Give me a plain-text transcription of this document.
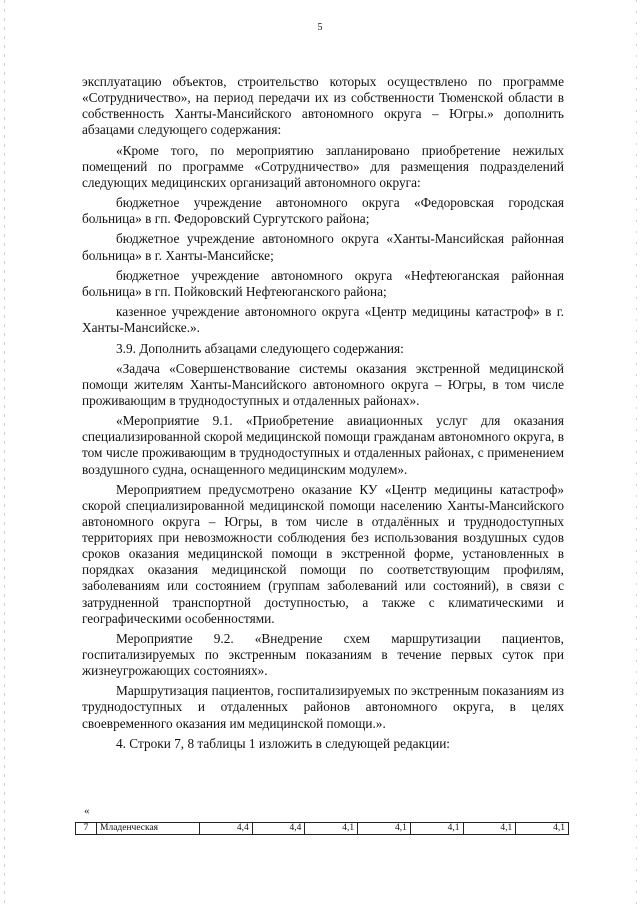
5

эксплуатацию объектов, строительство которых осуществлено по программе «Сотрудничество», на период передачи их из собственности Тюменской области в собственность Ханты-Мансийского автономного округа – Югры.» дополнить абзацами следующего содержания:

«Кроме того, по мероприятию запланировано приобретение нежилых помещений по программе «Сотрудничество» для размещения подразделений следующих медицинских организаций автономного округа:

бюджетное учреждение автономного округа «Федоровская городская больница» в гп. Федоровский Сургутского района;

бюджетное учреждение автономного округа «Ханты-Мансийская районная больница» в г. Ханты-Мансийске;

бюджетное учреждение автономного округа «Нефтеюганская районная больница» в гп. Пойковский Нефтеюганского района;

казенное учреждение автономного округа «Центр медицины катастроф» в г. Ханты-Мансийске.».

3.9. Дополнить абзацами следующего содержания:

«Задача «Совершенствование системы оказания экстренной медицинской помощи жителям Ханты-Мансийского автономного округа – Югры, в том числе проживающим в труднодоступных и отдаленных районах».

«Мероприятие 9.1. «Приобретение авиационных услуг для оказания специализированной скорой медицинской помощи гражданам автономного округа, в том числе проживающим в труднодоступных и отдаленных районах, с применением воздушного судна, оснащенного медицинским модулем».

Мероприятием предусмотрено оказание КУ «Центр медицины катастроф» скорой специализированной медицинской помощи населению Ханты-Мансийского автономного округа – Югры, в том числе в отдалённых и труднодоступных территориях при невозможности соблюдения без использования воздушных судов сроков оказания медицинской помощи в экстренной форме, установленных в порядках оказания медицинской помощи по соответствующим профилям, заболеваниям или состоянием (группам заболеваний или состояний), в связи с затрудненной транспортной доступностью, а также с климатическими и географическими особенностями.

Мероприятие 9.2. «Внедрение схем маршрутизации пациентов, госпитализируемых по экстренным показаниям в течение первых суток при жизнеугрожающих состояниях».

Маршрутизация пациентов, госпитализируемых по экстренным показаниям из труднодоступных и отдаленных районов автономного округа, в целях своевременного оказания им медицинской помощи.».

4. Строки 7, 8 таблицы 1 изложить в следующей редакции:

«
7	Младенческая	4,4	4,4	4,1	4,1	4,1	4,1	4,1
